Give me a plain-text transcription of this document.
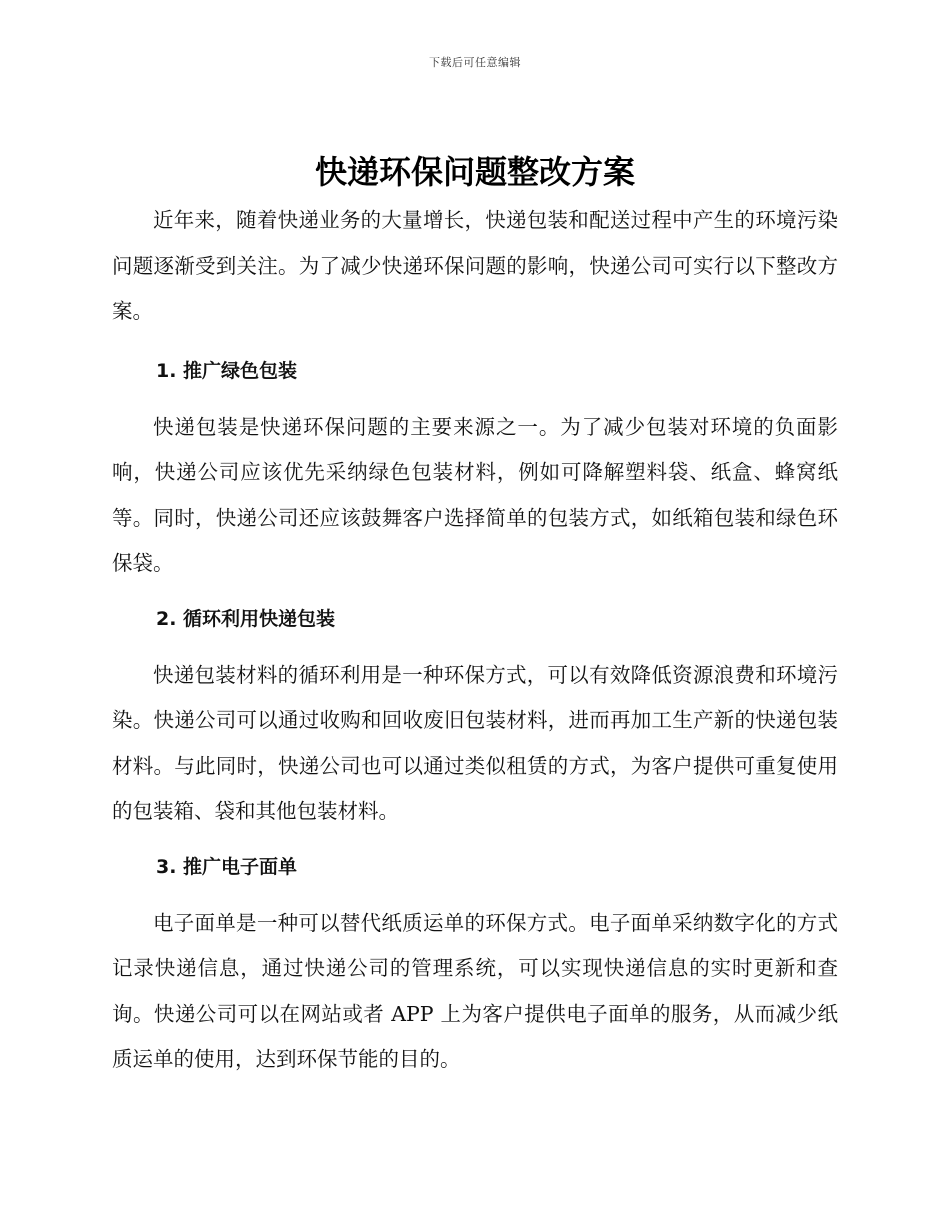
下载后可任意编辑
快递环保问题整改方案

近年来，随着快递业务的大量增长，快递包装和配送过程中产生的环境污染问题逐渐受到关注。为了减少快递环保问题的影响，快递公司可实行以下整改方案。

1. 推广绿色包装

快递包装是快递环保问题的主要来源之一。为了减少包装对环境的负面影响，快递公司应该优先采纳绿色包装材料，例如可降解塑料袋、纸盒、蜂窝纸等。同时，快递公司还应该鼓舞客户选择简单的包装方式，如纸箱包装和绿色环保袋。

2. 循环利用快递包装

快递包装材料的循环利用是一种环保方式，可以有效降低资源浪费和环境污染。快递公司可以通过收购和回收废旧包装材料，进而再加工生产新的快递包装材料。与此同时，快递公司也可以通过类似租赁的方式，为客户提供可重复使用的包装箱、袋和其他包装材料。

3. 推广电子面单

电子面单是一种可以替代纸质运单的环保方式。电子面单采纳数字化的方式记录快递信息，通过快递公司的管理系统，可以实现快递信息的实时更新和查询。快递公司可以在网站或者 APP 上为客户提供电子面单的服务，从而减少纸质运单的使用，达到环保节能的目的。
